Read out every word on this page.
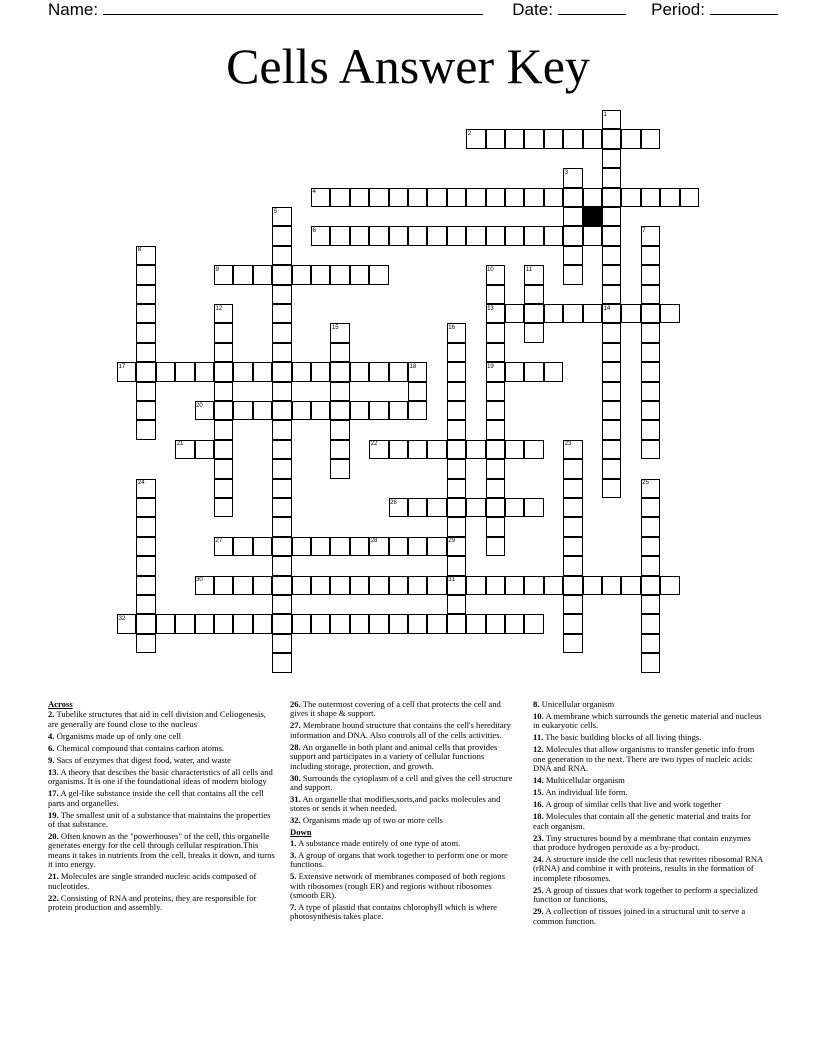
Name:	Date:	Period:
Cells Answer Key
2
4
6
9
13
17	19
20
21	22
26
27	28
30	31
32
1
3
5
7
8
10	11
12	14
15	16
18
23
24	25
29
Across
2. Tubelike structures that aid in cell division and Celiogenesis, are generally are found close to the nucleus
4. Organisms made up of only one cell
6. Chemical compound that contains carbon atoms.
9. Sacs of enzymes that digest food, water, and waste
13. A theory that descibes the basic characteristics of all cells and organisms. It is one if the foundational ideas of modern biology
17. A gel-like substance inside the cell that contains all the cell parts and organelles.
19. The smallest unit of a substance that maintains the properties of that substance.
20. Often known as the "powerhouses" of the cell, this organelle generates energy for the cell through cellular respiration.This means it takes in nutrients from the cell, breaks it down, and turns it into energy.
21. Molecules are single stranded nucleic acids composed of nucleotides.
22. Consisting of RNA and proteins, they are responsible for protein production and assembly.
26. The outermost covering of a cell that protects the cell and gives it shape & support.
27. Membrane bound structure that contains the cell's hereditary information and DNA. Also controls all of the cells activities.
28. An organelle in both plant and animal cells that provides support and participates in a variety of cellular functions including storage, protection, and growth.
30. Surrounds the cytoplasm of a cell and gives the cell structure and support.
31. An organelle that modifies,sorts,and packs molecules and stores or sends it when needed.
32. Organisms made up of two or more cells
Down
1. A substance made entirely of one type of atom.
3. A group of organs that work together to perform one or more functions.
5. Extensive network of membranes composed of both regions with ribosomes (rough ER) and regions without ribosomes (smooth ER).
7. A type of plastid that contains chlorophyll which is where photosynthesis takes place.
8. Unicellular organism
10. A membrane which surrounds the genetic material and nucleus in eukaryotic cells.
11. The basic building blocks of all living things.
12. Molecules that allow organisms to transfer genetic info from one generation to the next. There are two types of nucleic acids: DNA and RNA.
14. Multicellular organism
15. An individual life form.
16. A group of similar cells that live and work together
18. Molecules that contain all the genetic material and traits for each organism.
23. Tiny structures bound by a membrane that contain enzymes that produce hydrogen peroxide as a by-product.
24. A structure inside the cell nucleus that rewrites ribosomal RNA (rRNA) and combine it with proteins, results in the formation of incomplete ribosomes.
25. A group of tissues that work together to perform a specialized function or functions.
29. A collection of tissues joined in a structural unit to serve a common function.
